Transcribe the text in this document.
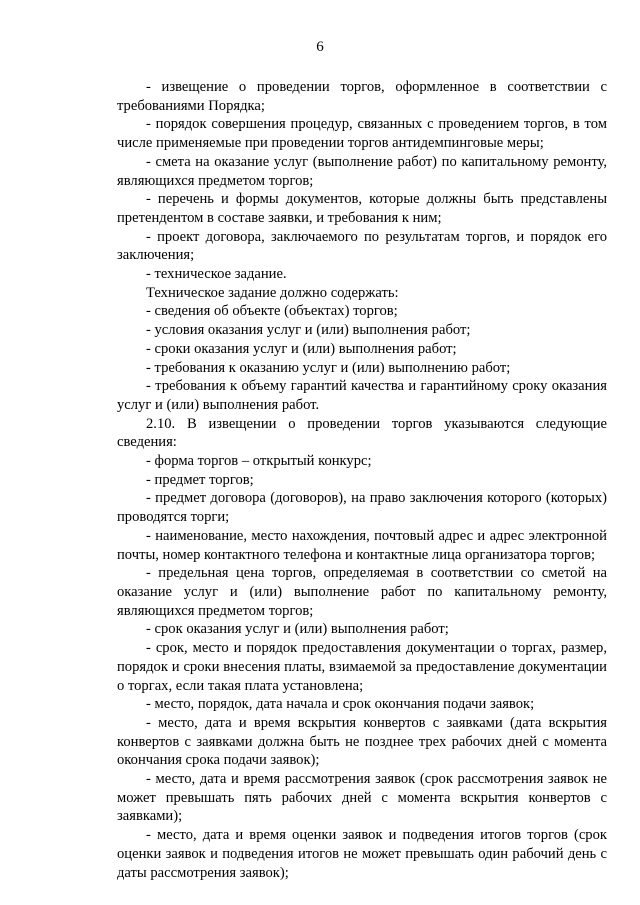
6

- извещение о проведении торгов, оформленное в соответствии с требованиями Порядка;

- порядок совершения процедур, связанных с проведением торгов, в том числе применяемые при проведении торгов антидемпинговые меры;

- смета на оказание услуг (выполнение работ) по капитальному ремонту, являющихся предметом торгов;

- перечень и формы документов, которые должны быть представлены претендентом в составе заявки, и требования к ним;

- проект договора, заключаемого по результатам торгов, и порядок его заключения;

- техническое задание.

Техническое задание должно содержать:

- сведения об объекте (объектах) торгов;

- условия оказания услуг и (или) выполнения работ;

- сроки оказания услуг и (или) выполнения работ;

- требования к оказанию услуг и (или) выполнению работ;

- требования к объему гарантий качества и гарантийному сроку оказания услуг и (или) выполнения работ.

2.10. В извещении о проведении торгов указываются следующие сведения:

- форма торгов – открытый конкурс;

- предмет торгов;

- предмет договора (договоров), на право заключения которого (которых) проводятся торги;

- наименование, место нахождения, почтовый адрес и адрес электронной почты, номер контактного телефона и контактные лица организатора торгов;

- предельная цена торгов, определяемая в соответствии со сметой на оказание услуг и (или) выполнение работ по капитальному ремонту, являющихся предметом торгов;

- срок оказания услуг и (или) выполнения работ;

- срок, место и порядок предоставления документации о торгах, размер, порядок и сроки внесения платы, взимаемой за предоставление документации о торгах, если такая плата установлена;

- место, порядок, дата начала и срок окончания подачи заявок;

- место, дата и время вскрытия конвертов с заявками (дата вскрытия конвертов с заявками должна быть не позднее трех рабочих дней с момента окончания срока подачи заявок);

- место, дата и время рассмотрения заявок (срок рассмотрения заявок не может превышать пять рабочих дней с момента вскрытия конвертов с заявками);

- место, дата и время оценки заявок и подведения итогов торгов (срок оценки заявок и подведения итогов не может превышать один рабочий день с даты рассмотрения заявок);
